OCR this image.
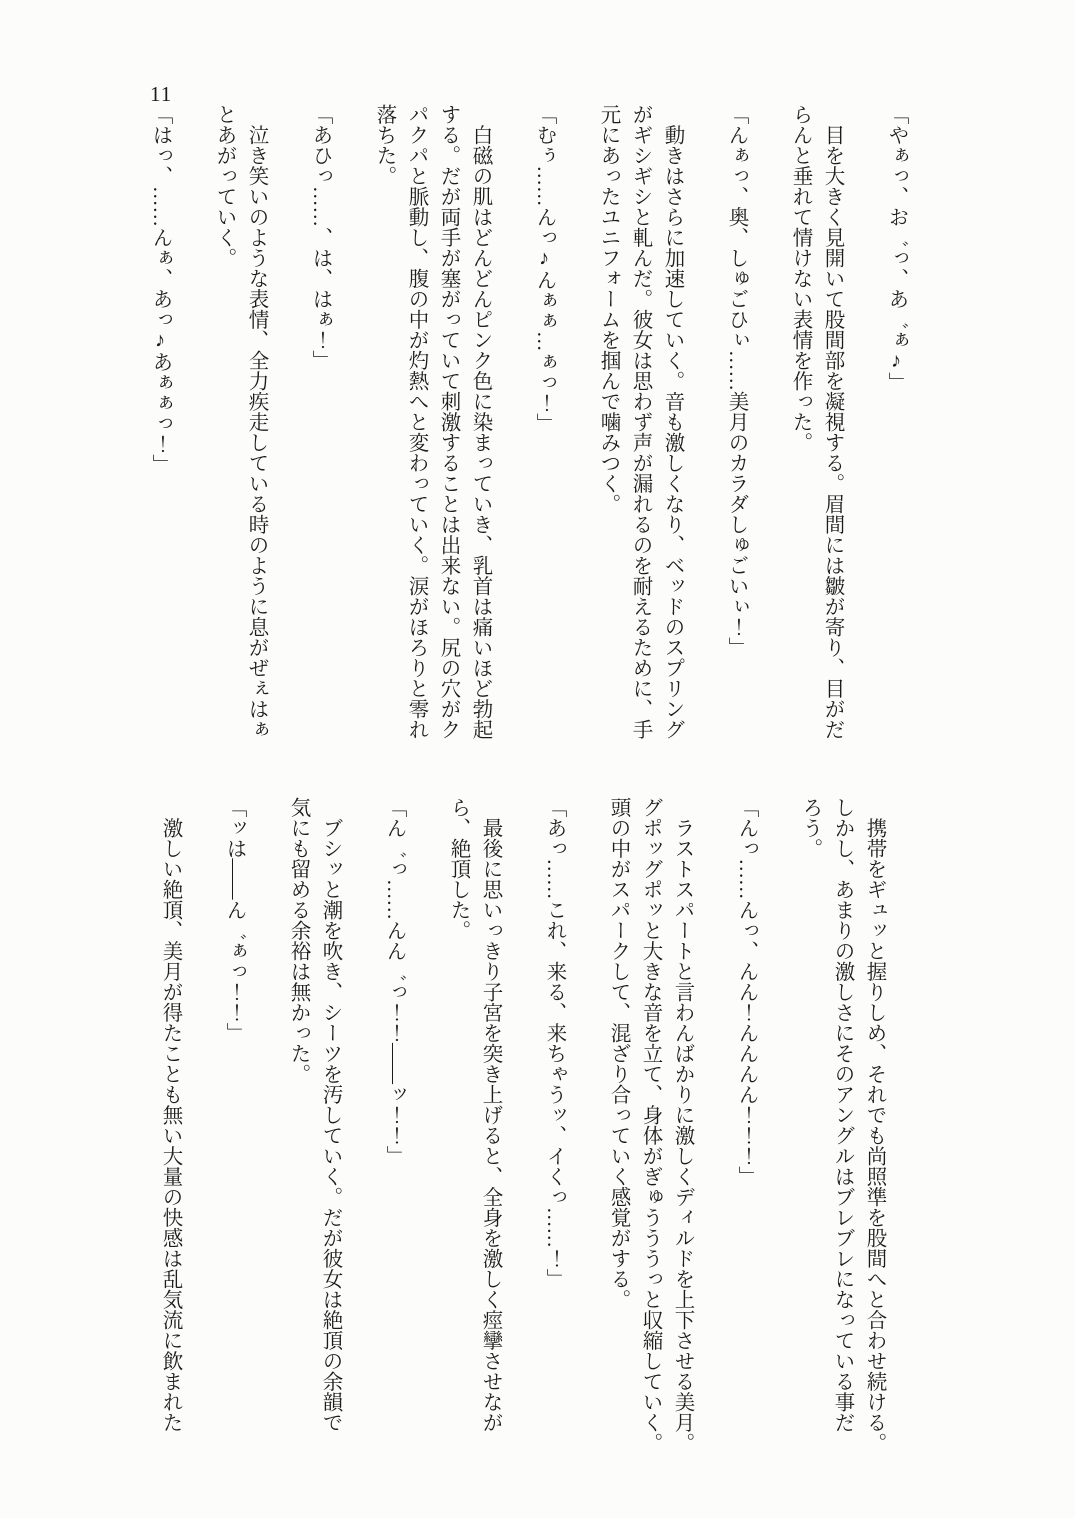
11

「やぁっ、お゛っ、あ゛ぁ♪」

　目を大きく見開いて股間部を凝視する。眉間には皺が寄り、目がだ
らんと垂れて情けない表情を作った。

「んぁっ、奥、しゅごひぃ……美月のカラダしゅごいぃ！」

　動きはさらに加速していく。音も激しくなり、ベッドのスプリング
がギシギシと軋んだ。彼女は思わず声が漏れるのを耐えるために、手
元にあったユニフォームを掴んで噛みつく。

「むぅ……んっ♪んぁぁ…ぁっ！」

　白磁の肌はどんどんピンク色に染まっていき、乳首は痛いほど勃起
する。だが両手が塞がっていて刺激することは出来ない。尻の穴がク
パクパと脈動し、腹の中が灼熱へと変わっていく。涙がほろりと零れ
落ちた。

「あひっ……、は、はぁ！」

　泣き笑いのような表情、全力疾走している時のように息がぜぇはぁ
とあがっていく。

「はっ、……んぁ、あっ♪あぁぁっ！」

　携帯をギュッと握りしめ、それでも尚照準を股間へと合わせ続ける。
しかし、あまりの激しさにそのアングルはブレブレになっている事だ
ろう。

「んっ……んっ、んん！んんんん！！！」

　ラストスパートと言わんばかりに激しくディルドを上下させる美月。
グポッグポッと大きな音を立て、身体がぎゅうううっと収縮していく。
頭の中がスパークして、混ざり合っていく感覚がする。

「あっ……これ、来る、来ちゃうッ、イくっ……！」

　最後に思いっきり子宮を突き上げると、全身を激しく痙攣させなが
ら、絶頂した。

「ん゛っ……んん゛っ！！――ッ！！」

　ブシッと潮を吹き、シーツを汚していく。だが彼女は絶頂の余韻で
気にも留める余裕は無かった。

「ッは――ん゛ぁっ！！」

　激しい絶頂、美月が得たことも無い大量の快感は乱気流に飲まれた
